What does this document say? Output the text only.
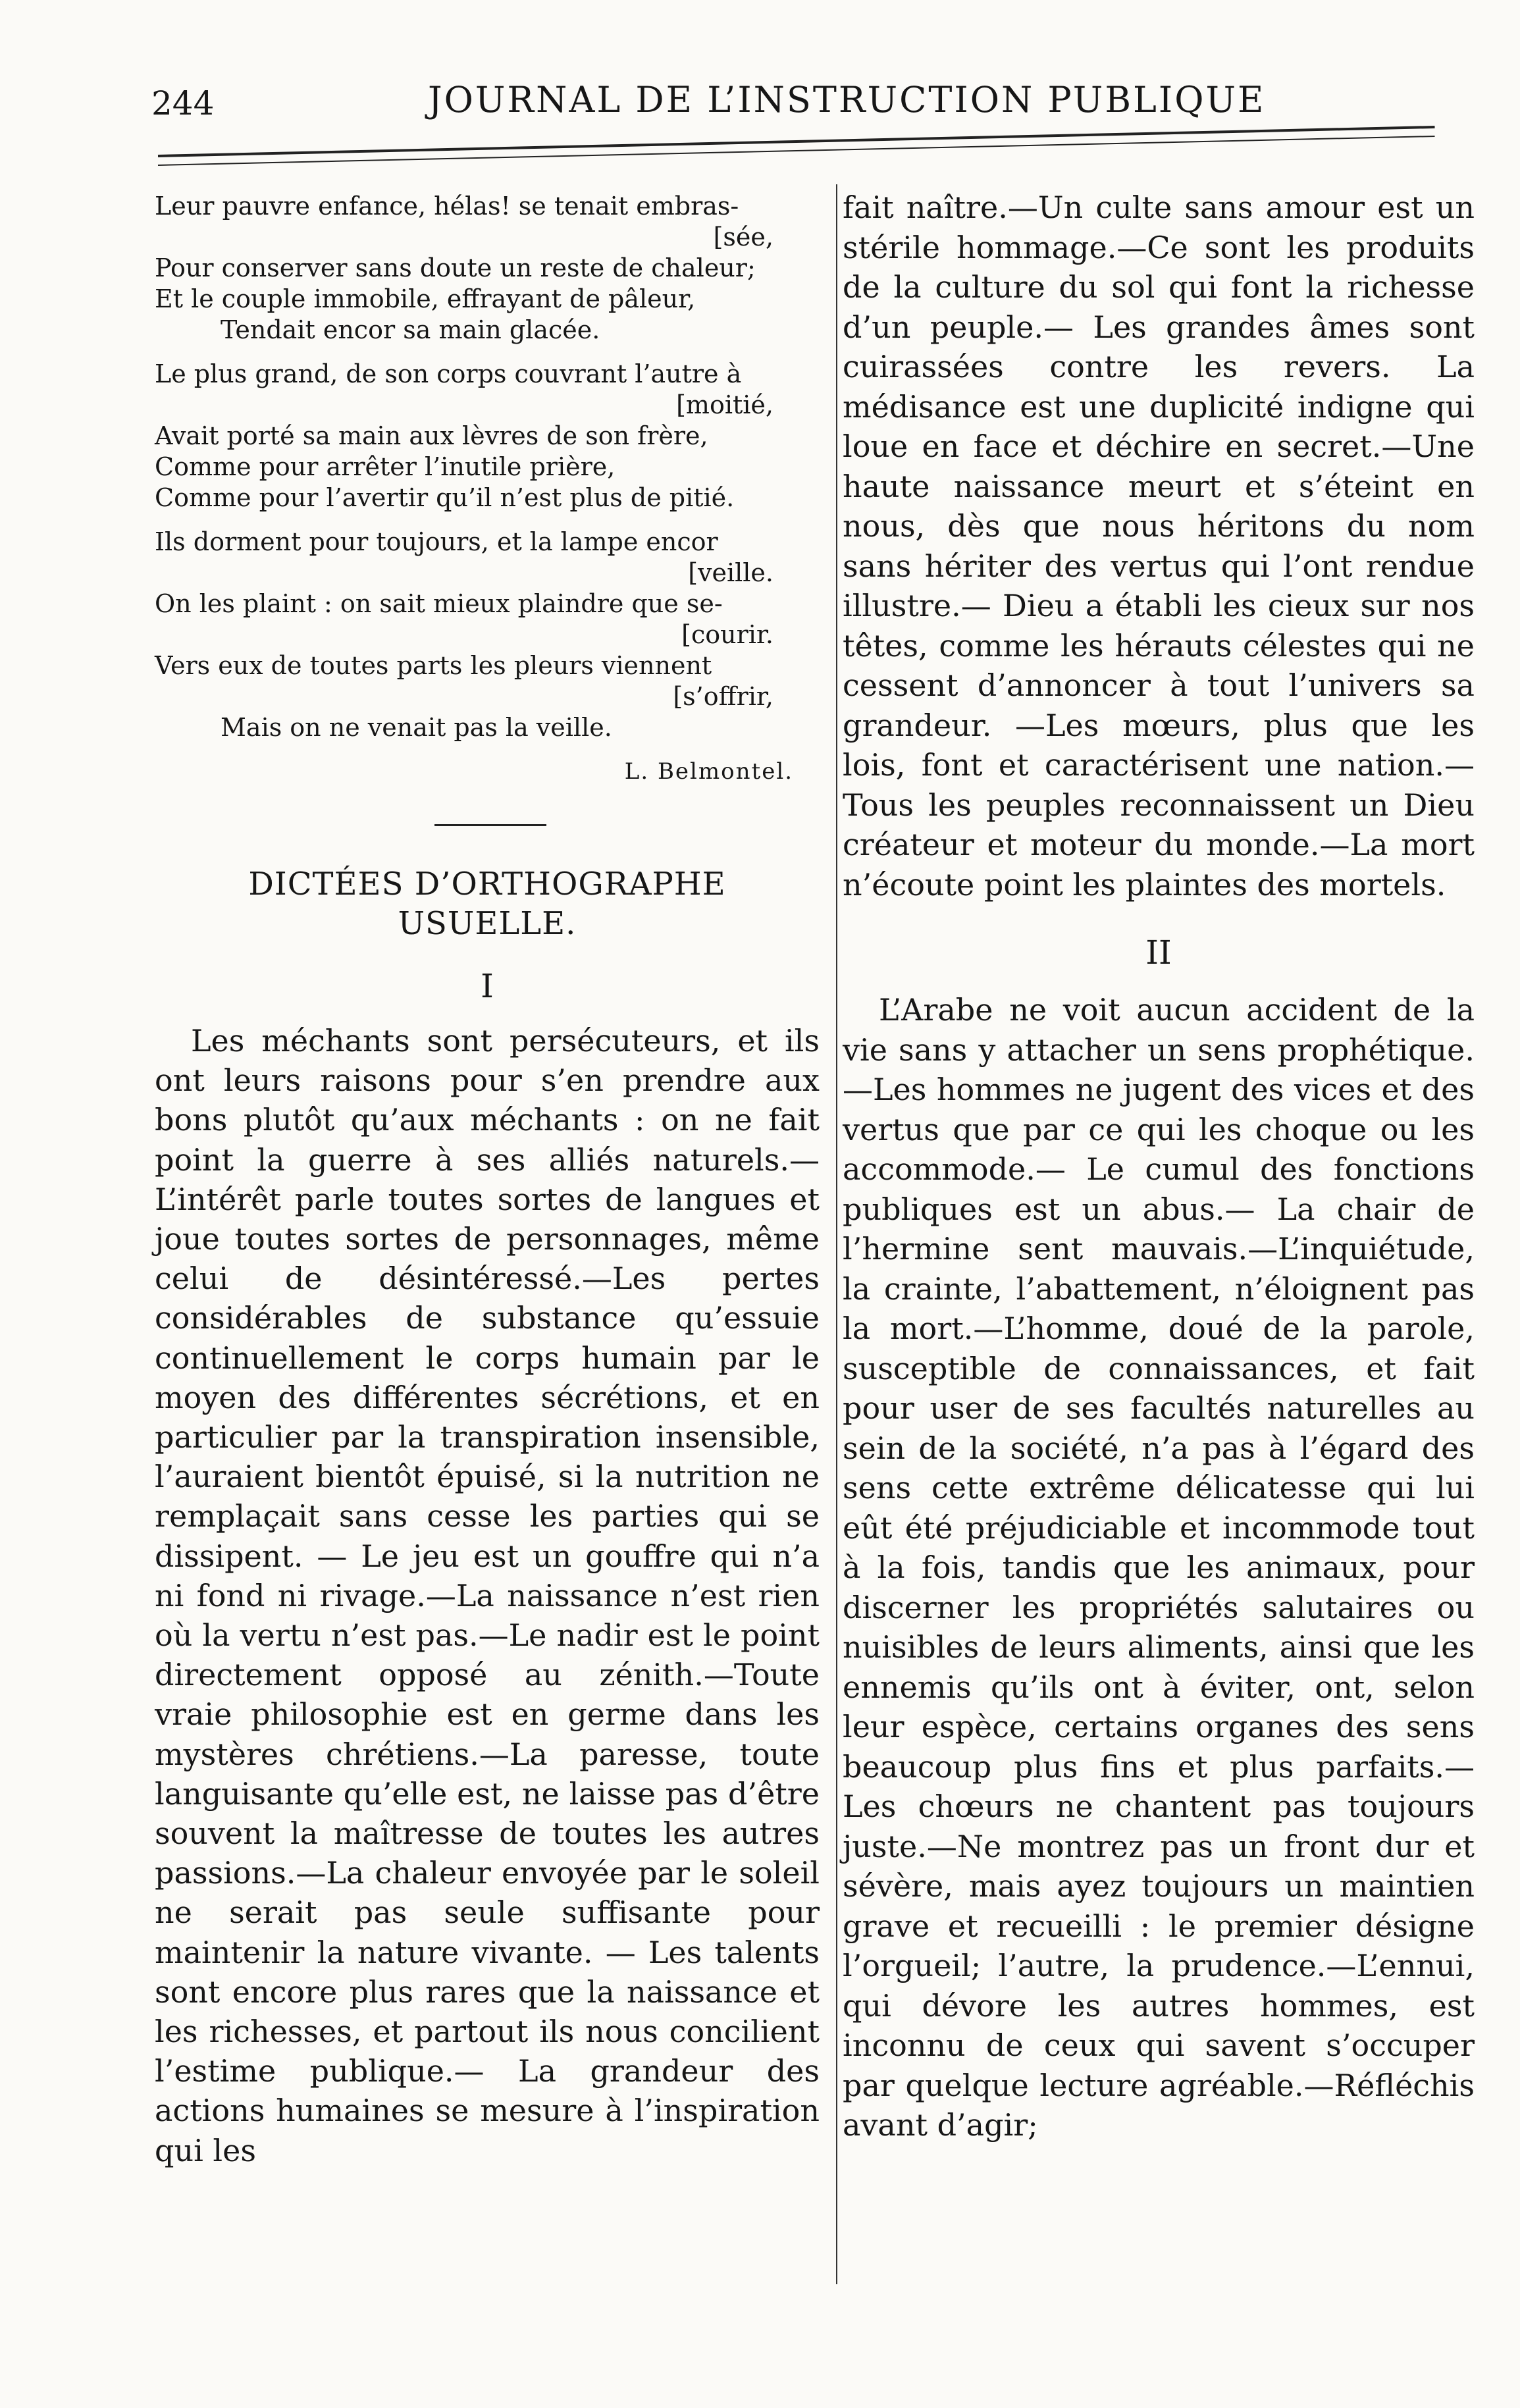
244	JOURNAL DE L’INSTRUCTION PUBLIQUE
Leur pauvre enfance, hélas! se tenait embras-
[sée,
Pour conserver sans doute un reste de chaleur;
Et le couple immobile, effrayant de pâleur,
Tendait encor sa main glacée.
Le plus grand, de son corps couvrant l’autre à
[moitié,
Avait porté sa main aux lèvres de son frère,
Comme pour arrêter l’inutile prière,
Comme pour l’avertir qu’il n’est plus de pitié.
Ils dorment pour toujours, et la lampe encor
[veille.
On les plaint : on sait mieux plaindre que se-
[courir.
Vers eux de toutes parts les pleurs viennent
[s’offrir,
Mais on ne venait pas la veille.
L. Belmontel.
DICTÉES D’ORTHOGRAPHE
USUELLE.
I

Les méchants sont persécuteurs, et ils ont leurs raisons pour s’en prendre aux bons plutôt qu’aux méchants : on ne fait point la guerre à ses alliés naturels.— L’intérêt parle toutes sortes de langues et joue toutes sortes de personnages, même celui de désintéressé.—Les pertes considérables de substance qu’essuie continuellement le corps humain par le moyen des différentes sécrétions, et en particulier par la transpiration insensible, l’auraient bientôt épuisé, si la nutrition ne remplaçait sans cesse les parties qui se dissipent. — Le jeu est un gouffre qui n’a ni fond ni rivage.—La naissance n’est rien où la vertu n’est pas.—Le nadir est le point directement opposé au zénith.—Toute vraie philosophie est en germe dans les mystères chrétiens.—La paresse, toute languisante qu’elle est, ne laisse pas d’être souvent la maîtresse de toutes les autres passions.—La chaleur envoyée par le soleil ne serait pas seule suffisante pour maintenir la nature vivante. — Les talents sont encore plus rares que la naissance et les richesses, et partout ils nous concilient l’estime publique.— La grandeur des actions humaines se mesure à l’inspiration qui les

fait naître.—Un culte sans amour est un stérile hommage.—Ce sont les produits de la culture du sol qui font la richesse d’un peuple.— Les grandes âmes sont cuirassées contre les revers. La médisance est une duplicité indigne qui loue en face et déchire en secret.—Une haute naissance meurt et s’éteint en nous, dès que nous héritons du nom sans hériter des vertus qui l’ont rendue illustre.— Dieu a établi les cieux sur nos têtes, comme les hérauts célestes qui ne cessent d’annoncer à tout l’univers sa grandeur. —Les mœurs, plus que les lois, font et caractérisent une nation.—Tous les peuples reconnaissent un Dieu créateur et moteur du monde.—La mort n’écoute point les plaintes des mortels.

II

L’Arabe ne voit aucun accident de la vie sans y attacher un sens prophétique. —Les hommes ne jugent des vices et des vertus que par ce qui les choque ou les accommode.— Le cumul des fonctions publiques est un abus.— La chair de l’hermine sent mauvais.—L’inquiétude, la crainte, l’abattement, n’éloignent pas la mort.—L’homme, doué de la parole, susceptible de connaissances, et fait pour user de ses facultés naturelles au sein de la société, n’a pas à l’égard des sens cette extrême délicatesse qui lui eût été préjudiciable et incommode tout à la fois, tandis que les animaux, pour discerner les propriétés salutaires ou nuisibles de leurs aliments, ainsi que les ennemis qu’ils ont à éviter, ont, selon leur espèce, certains organes des sens beaucoup plus fins et plus parfaits.— Les chœurs ne chantent pas toujours juste.—Ne montrez pas un front dur et sévère, mais ayez toujours un maintien grave et recueilli : le premier désigne l’orgueil; l’autre, la prudence.—L’ennui, qui dévore les autres hommes, est inconnu de ceux qui savent s’occuper par quelque lecture agréable.—Réfléchis avant d’agir;
